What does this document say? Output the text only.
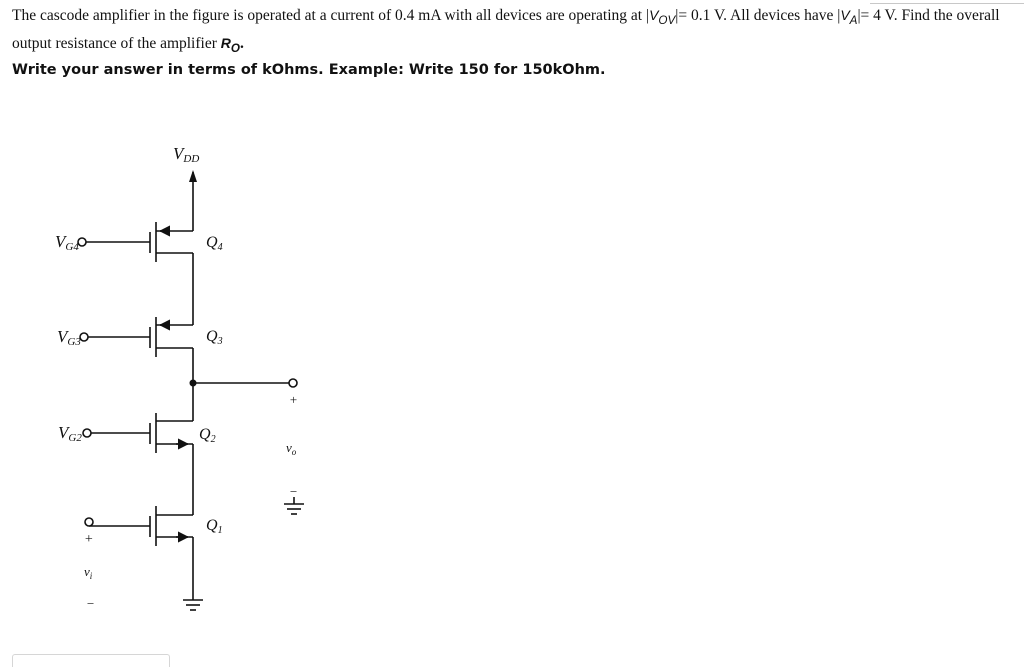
The cascode amplifier in the figure is operated at a current of 0.4 mA with all devices are operating at $|V_{OV}|= 0.1$ V. All devices have $|V_A|= 4$ V. Find the overall output resistance of the amplifier $R_O$.
Write your answer in terms of kOhms. Example: Write 150 for 150kOhm.
VDD
VG4
VG3
VG2
Q4
Q3
Q2
Q1
+
$v_o$
−
+
$v_i$
−
